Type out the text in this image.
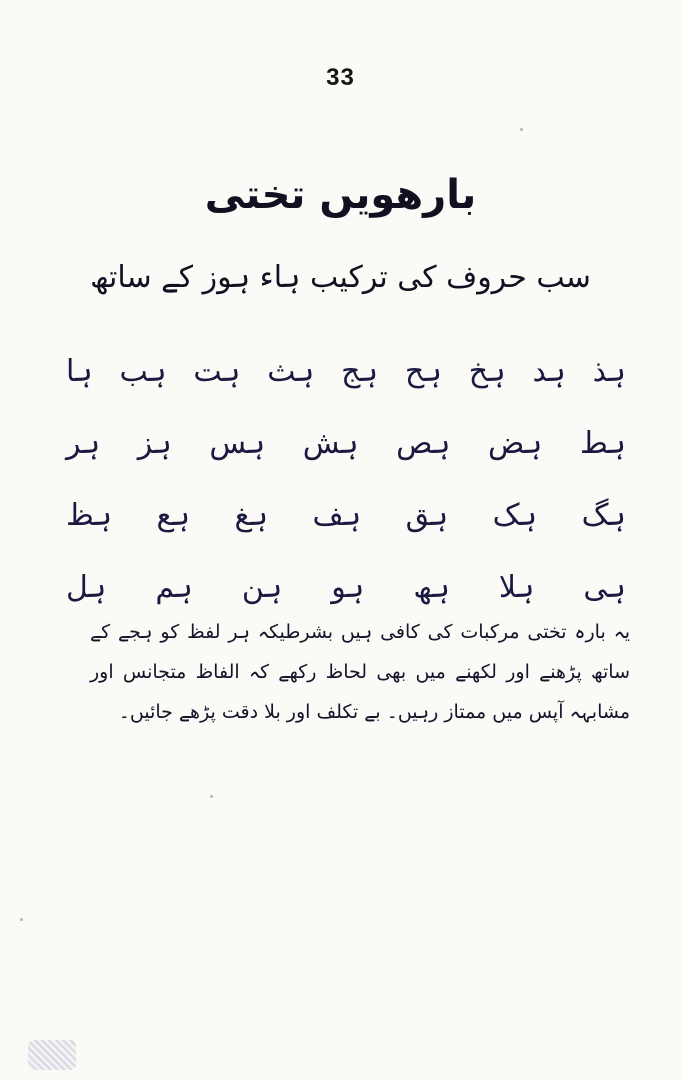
33
بارھویں تختی
سب حروف کی ترکیب ہاء ہوز کے ساتھ
ہا ہب ہت ہث ہج ہح ہخ ہد ہذ
ہر ہز ہس ہش ہص ہض ہط
ہظ ہع ہغ ہف ہق ہک ہگ
ہل ہم ہن ہو ہھ ہلا ہی
یہ بارہ تختی مرکبات کی کافی ہیں بشرطیکہ ہر لفظ کو ہجے کے ساتھ پڑھنے اور لکھنے میں بھی لحاظ رکھے کہ الفاظ متجانس اور مشابہہ آپس میں ممتاز رہیں۔ بے تکلف اور بلا دقت پڑھے جائیں۔
